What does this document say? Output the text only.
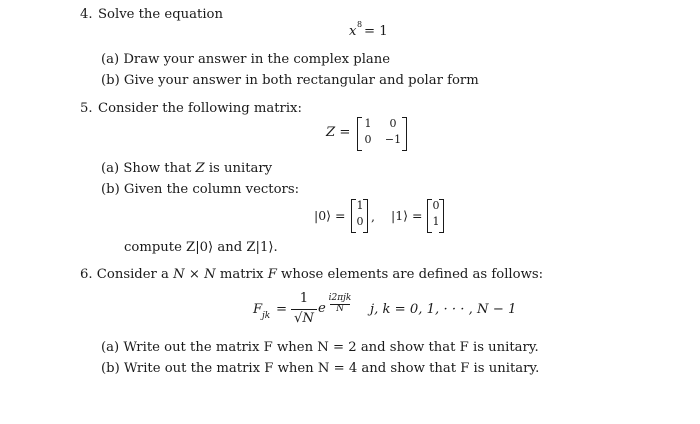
4. Solve the equation
x 8 = 1
(a) Draw your answer in the complex plane
(b) Give your answer in both rectangular and polar form
5. Consider the following matrix:
Z =
1	0
0	−1
(a) Show that Z is unitary
(b) Given the column vectors:
|0⟩ =
1
0 , |1⟩ =
0
1
compute Z|0⟩ and Z|1⟩.
6. Consider a N × N matrix F whose elements are defined as follows:
F jk =
1
√N
e
i2πjk
N	j, k = 0, 1, · · · , N − 1
(a) Write out the matrix F when N = 2 and show that F is unitary.
(b) Write out the matrix F when N = 4 and show that F is unitary.
